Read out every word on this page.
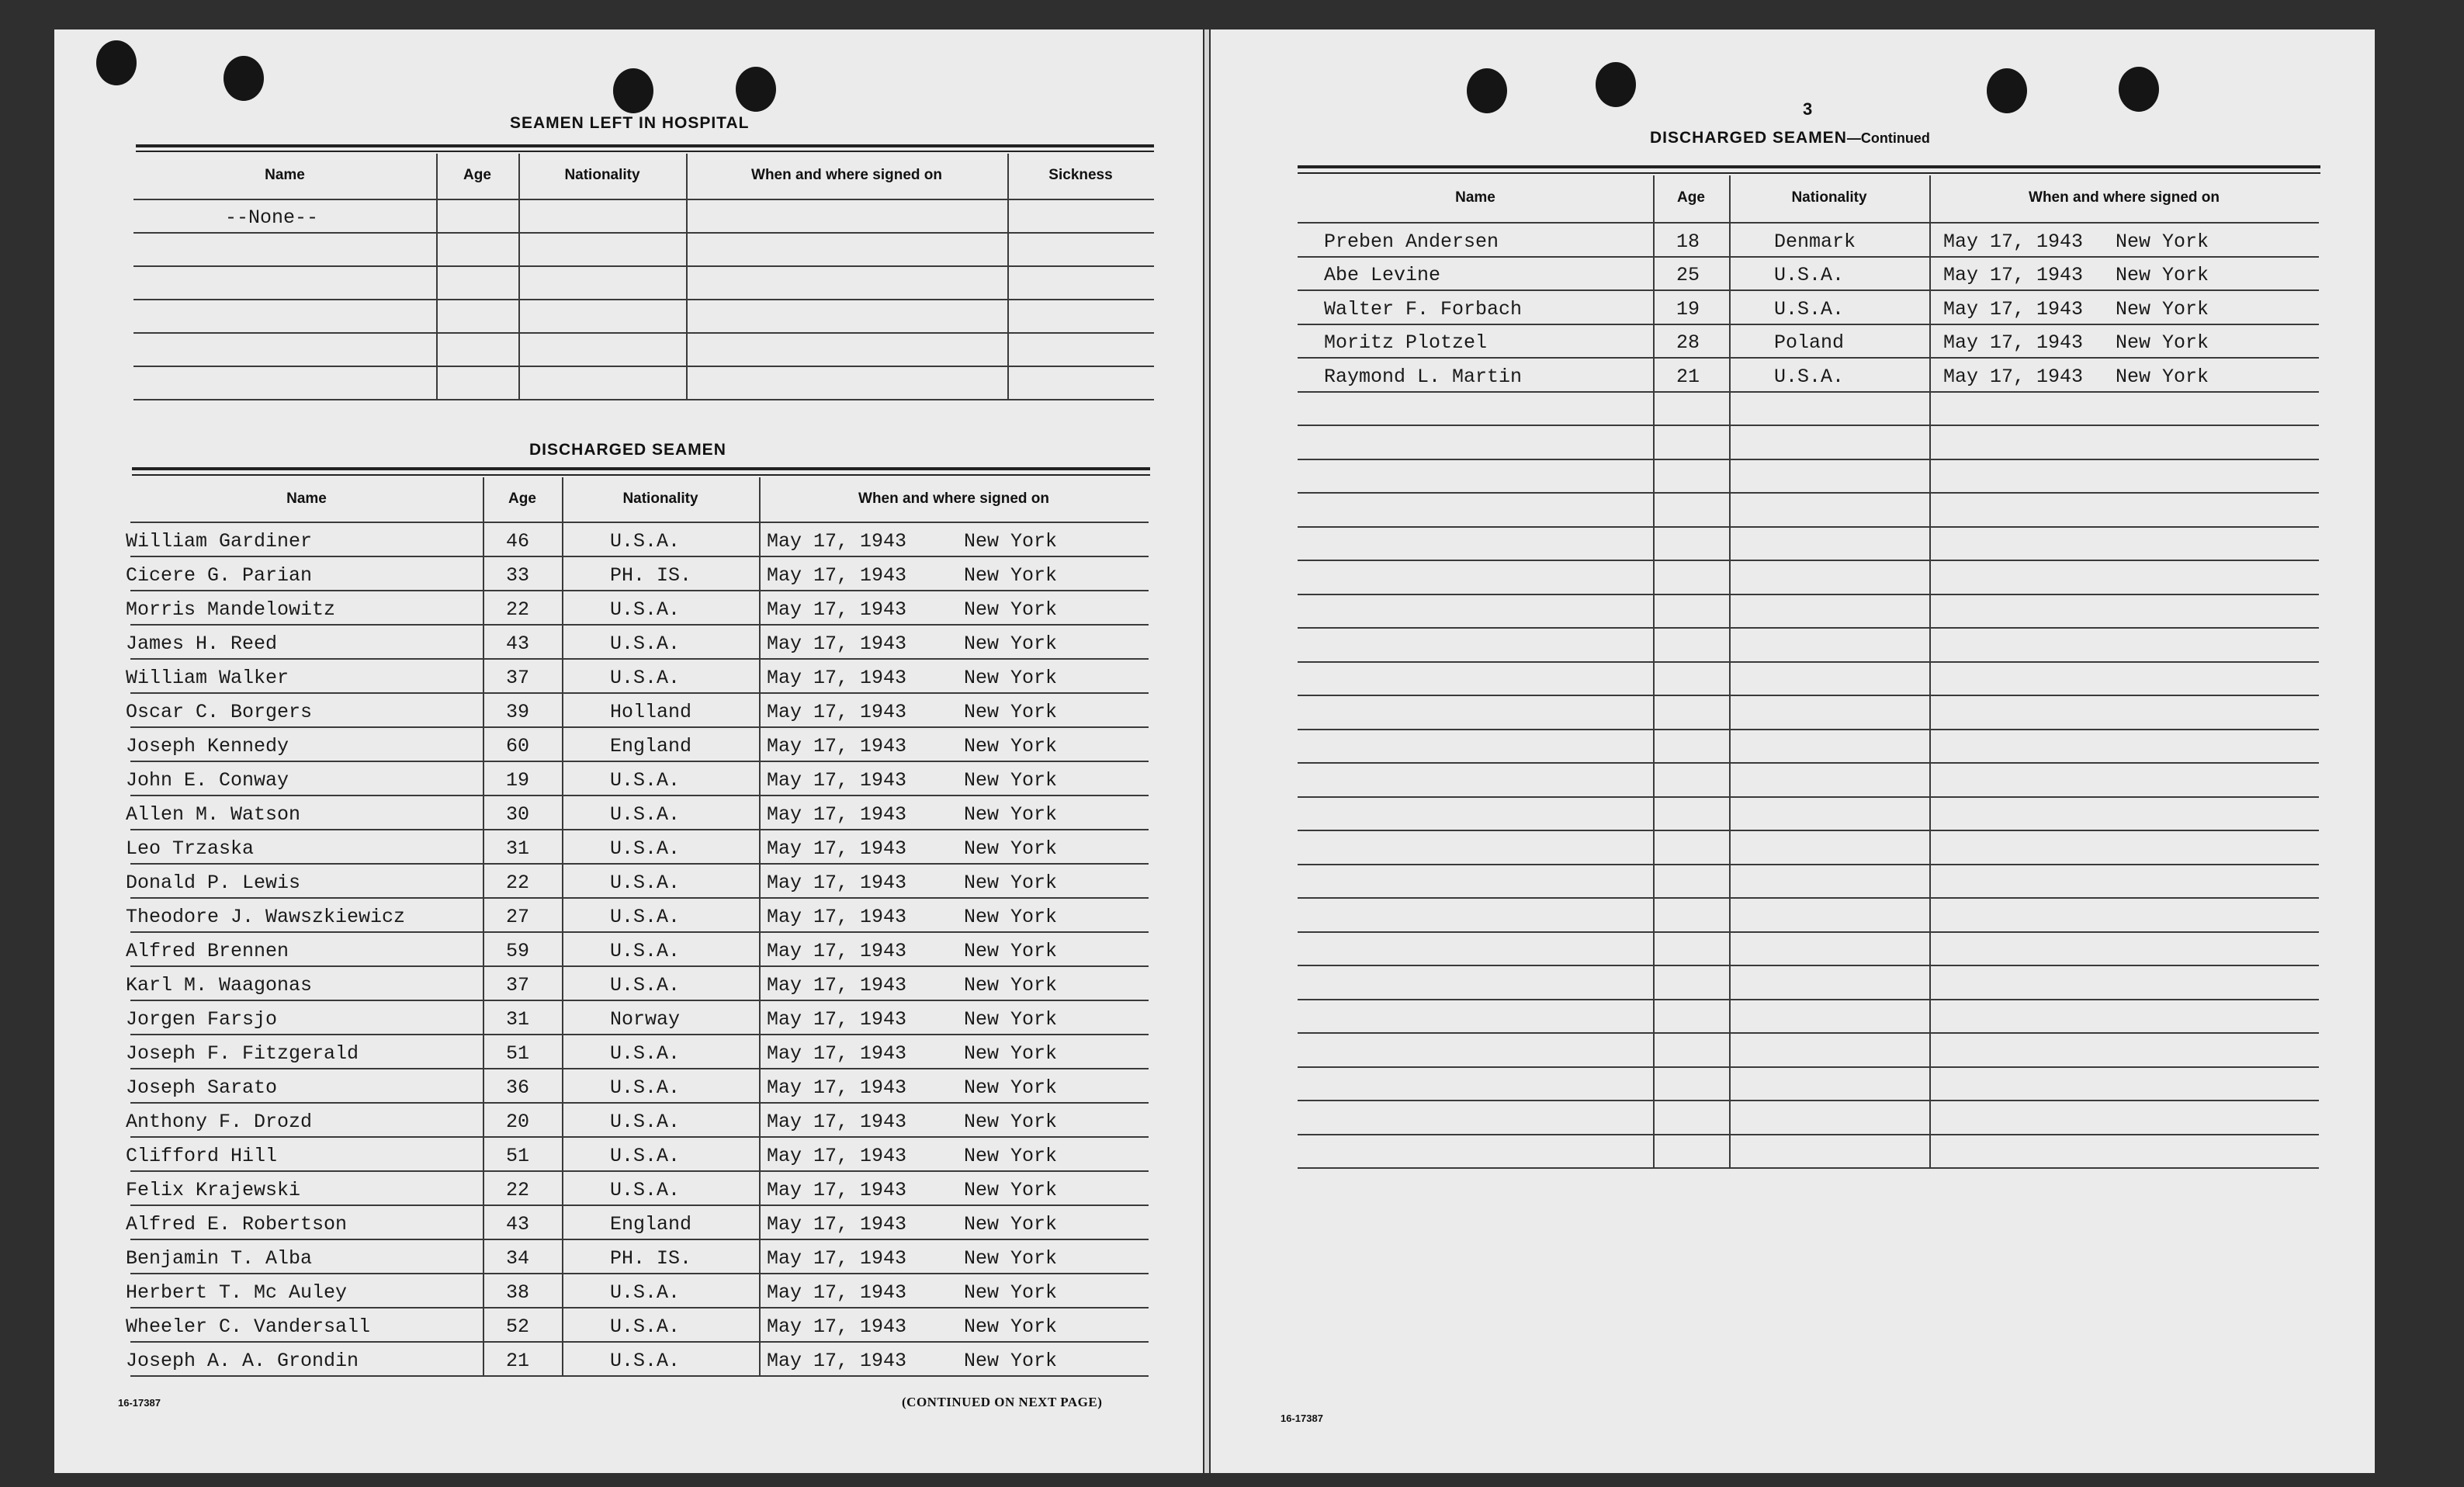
SEAMEN LEFT IN HOSPITAL
DISCHARGED SEAMEN
3
DISCHARGED SEAMEN—Continued
Name	Age	Nationality	When and where signed on	Sickness
--None--
Name	Age	Nationality	When and where signed on
William Gardiner	46	U.S.A.	May 17, 1943	New York
Cicere G. Parian	33	PH. IS.	May 17, 1943	New York
Morris Mandelowitz	22	U.S.A.	May 17, 1943	New York
James H. Reed	43	U.S.A.	May 17, 1943	New York
William Walker	37	U.S.A.	May 17, 1943	New York
Oscar C. Borgers	39	Holland	May 17, 1943	New York
Joseph Kennedy	60	England	May 17, 1943	New York
John E. Conway	19	U.S.A.	May 17, 1943	New York
Allen M. Watson	30	U.S.A.	May 17, 1943	New York
Leo Trzaska	31	U.S.A.	May 17, 1943	New York
Donald P. Lewis	22	U.S.A.	May 17, 1943	New York
Theodore J. Wawszkiewicz	27	U.S.A.	May 17, 1943	New York
Alfred Brennen	59	U.S.A.	May 17, 1943	New York
Karl M. Waagonas	37	U.S.A.	May 17, 1943	New York
Jorgen Farsjo	31	Norway	May 17, 1943	New York
Joseph F. Fitzgerald	51	U.S.A.	May 17, 1943	New York
Joseph Sarato	36	U.S.A.	May 17, 1943	New York
Anthony F. Drozd	20	U.S.A.	May 17, 1943	New York
Clifford Hill	51	U.S.A.	May 17, 1943	New York
Felix Krajewski	22	U.S.A.	May 17, 1943	New York
Alfred E. Robertson	43	England	May 17, 1943	New York
Benjamin T. Alba	34	PH. IS.	May 17, 1943	New York
Herbert T. Mc Auley	38	U.S.A.	May 17, 1943	New York
Wheeler C. Vandersall	52	U.S.A.	May 17, 1943	New York
Joseph A. A. Grondin	21	U.S.A.	May 17, 1943	New York
Name	Age	Nationality	When and where signed on
Preben Andersen	18	Denmark	May 17, 1943 New York
Abe Levine	25	U.S.A.	May 17, 1943 New York
Walter F. Forbach	19	U.S.A.	May 17, 1943 New York
Moritz Plotzel	28	Poland	May 17, 1943 New York
Raymond L. Martin	21	U.S.A.	May 17, 1943 New York
16-17387	(CONTINUED ON NEXT PAGE)
16-17387
